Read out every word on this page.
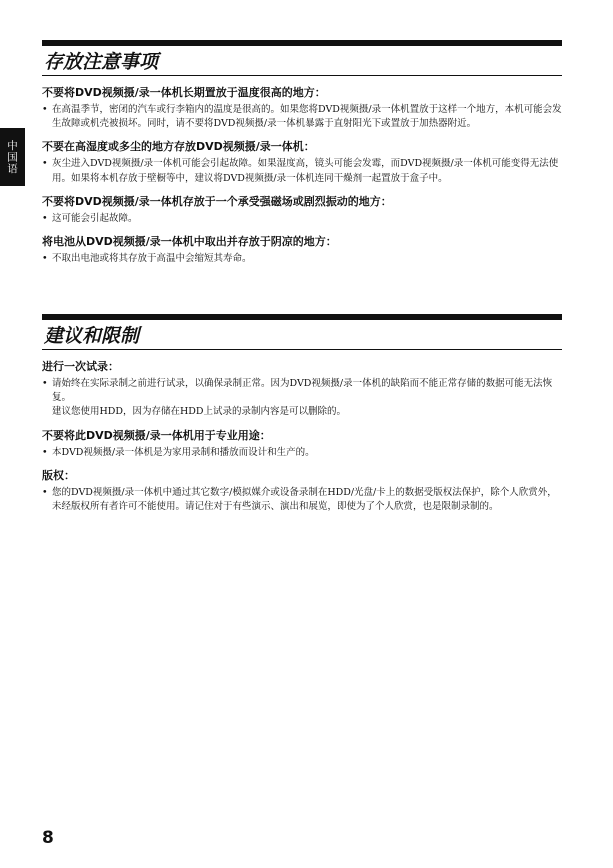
中国语
存放注意事项
不要将DVD视频摄/录一体机长期置放于温度很高的地方：
• 在高温季节，密闭的汽车或行李箱内的温度是很高的。如果您将DVD视频摄/录一体机置放于这样一个地方，本机可能会发生故障或机壳被损坏。同时，请不要将DVD视频摄/录一体机暴露于直射阳光下或置放于加热器附近。

不要在高湿度或多尘的地方存放DVD视频摄/录一体机：
• 灰尘进入DVD视频摄/录一体机可能会引起故障。如果湿度高，镜头可能会发霉，而DVD视频摄/录一体机可能变得无法使用。如果将本机存放于壁橱等中，建议将DVD视频摄/录一体机连同干燥剂一起置放于盒子中。

不要将DVD视频摄/录一体机存放于一个承受强磁场或剧烈振动的地方：
• 这可能会引起故障。

将电池从DVD视频摄/录一体机中取出并存放于阴凉的地方：
• 不取出电池或将其存放于高温中会缩短其寿命。

建议和限制
进行一次试录：
• 请始终在实际录制之前进行试录，以确保录制正常。因为DVD视频摄/录一体机的缺陷而不能正常存储的数据可能无法恢复。

建议您使用HDD，因为存储在HDD上试录的录制内容是可以删除的。

不要将此DVD视频摄/录一体机用于专业用途：
• 本DVD视频摄/录一体机是为家用录制和播放而设计和生产的。

版权：
• 您的DVD视频摄/录一体机中通过其它数字/模拟媒介或设备录制在HDD/光盘/卡上的数据受版权法保护，除个人欣赏外，未经版权所有者许可不能使用。请记住对于有些演示、演出和展览，即使为了个人欣赏，也是限制录制的。

8
